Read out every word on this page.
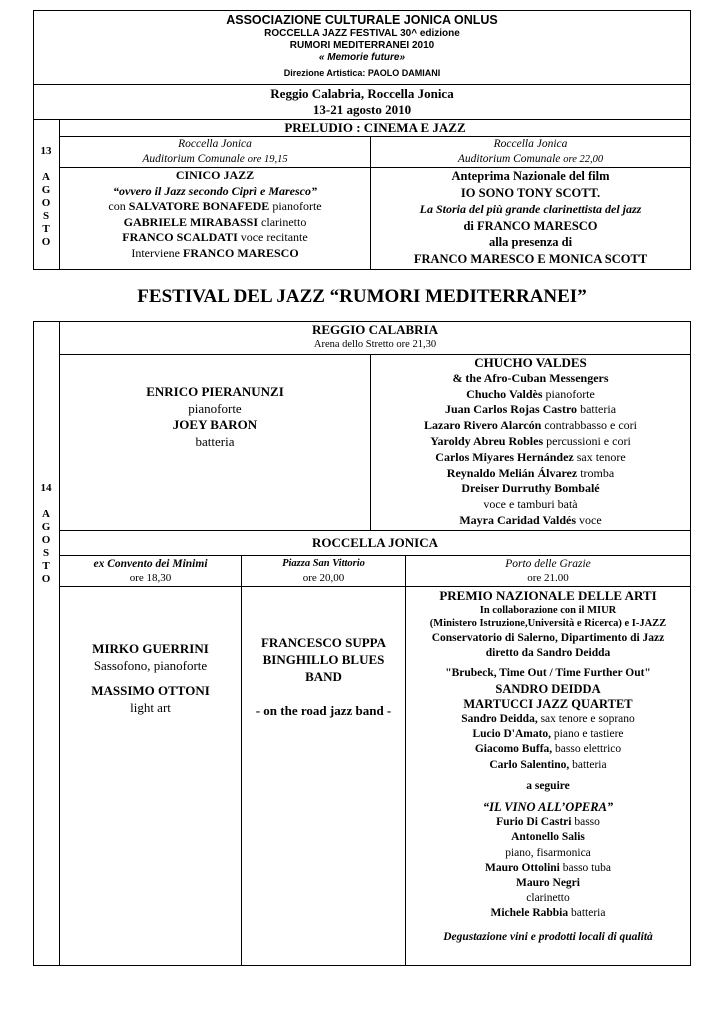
ASSOCIAZIONE CULTURALE JONICA ONLUS
ROCCELLA JAZZ FESTIVAL 30^ edizione
RUMORI MEDITERRANEI 2010
« Memorie future»
Direzione Artistica: PAOLO DAMIANI
Reggio Calabria, Roccella Jonica
13-21 agosto 2010
13
A
G
O
S
T
O
PRELUDIO : CINEMA E JAZZ
Roccella Jonica
Auditorium Comunale ore 19,15
CINICO JAZZ
“ovvero il Jazz secondo Ciprì e Maresco”
con SALVATORE BONAFEDE pianoforte
GABRIELE MIRABASSI clarinetto
FRANCO SCALDATI voce recitante
Interviene FRANCO MARESCO
Roccella Jonica
Auditorium Comunale ore 22,00
Anteprima Nazionale del film
IO SONO TONY SCOTT.
La Storia del più grande clarinettista del jazz
di FRANCO MARESCO
alla presenza di
FRANCO MARESCO E MONICA SCOTT
FESTIVAL DEL JAZZ “RUMORI MEDITERRANEI”
14
A
G
O
S
T
O
REGGIO CALABRIA
Arena dello Stretto ore 21,30
ENRICO PIERANUNZI
pianoforte
JOEY BARON
batteria
CHUCHO VALDES
& the Afro-Cuban Messengers
Chucho Valdès pianoforte
Juan Carlos Rojas Castro batteria
Lazaro Rivero Alarcón contrabbasso e cori
Yaroldy Abreu Robles percussioni e cori
Carlos Miyares Hernández sax tenore
Reynaldo Melián Álvarez tromba
Dreiser Durruthy Bombalé
voce e tamburi batà
Mayra Caridad Valdés voce
ROCCELLA JONICA
ex Convento dei Minimi
ore 18,30
MIRKO GUERRINI
Sassofono, pianoforte
MASSIMO OTTONI
light art
Piazza San Vittorio
ore 20,00
FRANCESCO SUPPA
BINGHILLO BLUES
BAND
- on the road jazz band -
Porto delle Grazie
ore 21.00
PREMIO NAZIONALE DELLE ARTI
In collaborazione con il MIUR
(Ministero Istruzione,Università e Ricerca) e I-JAZZ
Conservatorio di Salerno, Dipartimento di Jazz
diretto da Sandro Deidda
"Brubeck, Time Out / Time Further Out"
SANDRO DEIDDA
MARTUCCI JAZZ QUARTET
Sandro Deidda, sax tenore e soprano
Lucio D'Amato, piano e tastiere
Giacomo Buffa, basso elettrico
Carlo Salentino, batteria
a seguire
“IL VINO ALL’OPERA”
Furio Di Castri basso
Antonello Salis
piano, fisarmonica
Mauro Ottolini basso tuba
Mauro Negri
clarinetto
Michele Rabbia batteria
Degustazione vini e prodotti locali di qualità
